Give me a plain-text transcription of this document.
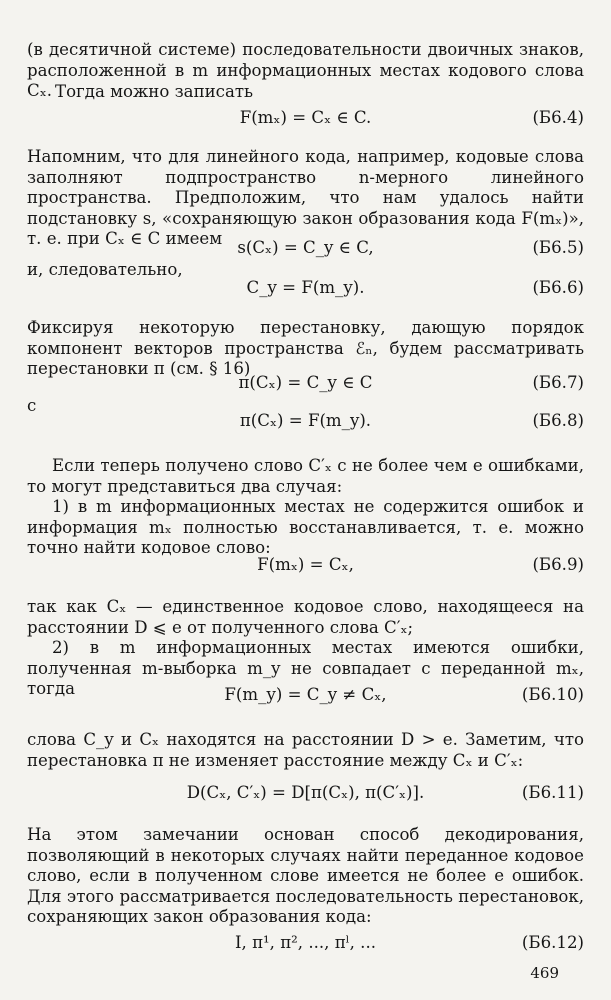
(в десятичной системе) последовательности двоичных знаков, расположенной в m информационных местах кодового слова Cₓ. Тогда можно записать

F(mₓ) = Cₓ ∈ C.	(Б6.4)

Напомним, что для линейного кода, например, кодовые слова заполняют подпространство n-мерного линейного пространства. Предположим, что нам удалось найти подстановку s, «сохраняющую закон образования кода F(mₓ)», т. е. при Cₓ ∈ C имеем s(Cₓ) = C_y ∈ C,	(Б6.5)

и, следовательно,

C_y = F(m_y).	(Б6.6)

Фиксируя некоторую перестановку, дающую порядок компонент векторов пространства ℰₙ, будем рассматривать перестановки π (см. § 16)

π(Cₓ) = C_y ∈ C	(Б6.7)

с

π(Cₓ) = F(m_y).	(Б6.8)

Если теперь получено слово C′ₓ с не более чем e ошибками, то могут представиться два случая:

1) в m информационных местах не содержится ошибок и информация mₓ полностью восстанавливается, т. е. можно точно найти кодовое слово:

F(mₓ) = Cₓ,	(Б6.9)

так как Cₓ — единственное кодовое слово, находящееся на расстоянии D ⩽ e от полученного слова C′ₓ;

2) в m информационных местах имеются ошибки, полученная m-выборка m_y не совпадает с переданной mₓ, тогда	F(m_y) = C_y ≠ Cₓ,	(Б6.10)

слова C_y и Cₓ находятся на расстоянии D > e. Заметим, что перестановка π не изменяет расстояние между Cₓ и C′ₓ:

D(Cₓ, C′ₓ) = D[π(Cₓ), π(C′ₓ)].	(Б6.11)

На этом замечании основан способ декодирования, позволяющий в некоторых случаях найти переданное кодовое слово, если в полученном слове имеется не более e ошибок. Для этого рассматривается последовательность перестановок, сохраняющих закон образования кода:

I, π¹, π², ..., πˡ, ...	(Б6.12)
469
